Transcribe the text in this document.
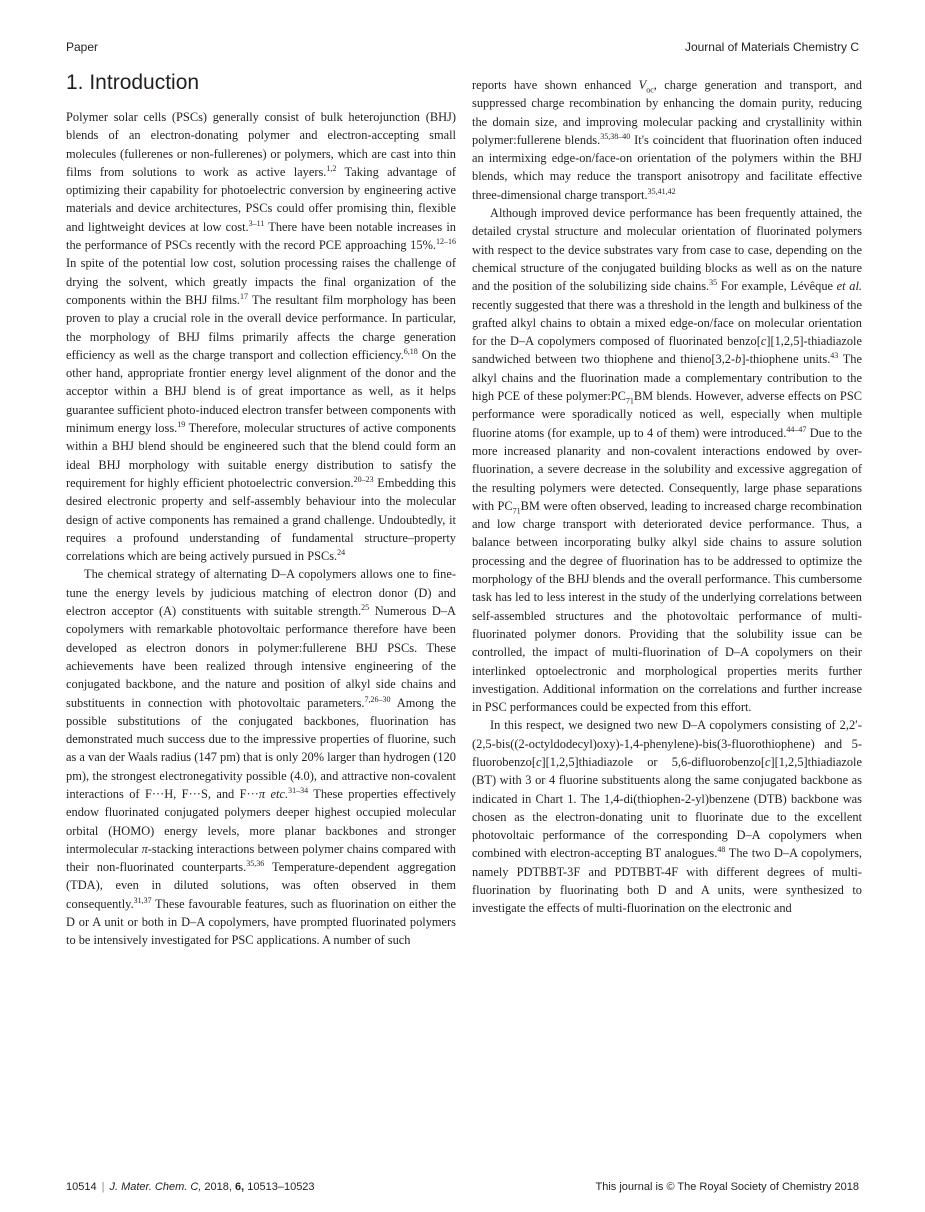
Paper	Journal of Materials Chemistry C
1. Introduction

Polymer solar cells (PSCs) generally consist of bulk heterojunction (BHJ) blends of an electron-donating polymer and electron-accepting small molecules (fullerenes or non-fullerenes) or polymers, which are cast into thin films from solutions to work as active layers.$^{1,2}$ Taking advantage of optimizing their capability for photoelectric conversion by engineering active materials and device architectures, PSCs could offer promising thin, flexible and lightweight devices at low cost.$^{3-11}$ There have been notable increases in the performance of PSCs recently with the record PCE approaching 15%.$^{12-16}$ In spite of the potential low cost, solution processing raises the challenge of drying the solvent, which greatly impacts the final organization of the components within the BHJ films.$^{17}$ The resultant film morphology has been proven to play a crucial role in the overall device performance. In particular, the morphology of BHJ films primarily affects the charge generation efficiency as well as the charge transport and collection efficiency.$^{6,18}$ On the other hand, appropriate frontier energy level alignment of the donor and the acceptor within a BHJ blend is of great importance as well, as it helps guarantee sufficient photo-induced electron transfer between components with minimum energy loss.$^{19}$ Therefore, molecular structures of active components within a BHJ blend should be engineered such that the blend could form an ideal BHJ morphology with suitable energy distribution to satisfy the requirement for highly efficient photoelectric conversion.$^{20-23}$ Embedding this desired electronic property and self-assembly behaviour into the molecular design of active components has remained a grand challenge. Undoubtedly, it requires a profound understanding of fundamental structure–property correlations which are being actively pursued in PSCs.$^{24}$

The chemical strategy of alternating D–A copolymers allows one to fine-tune the energy levels by judicious matching of electron donor (D) and electron acceptor (A) constituents with suitable strength.$^{25}$ Numerous D–A copolymers with remarkable photovoltaic performance therefore have been developed as electron donors in polymer:fullerene BHJ PSCs. These achievements have been realized through intensive engineering of the conjugated backbone, and the nature and position of alkyl side chains and substituents in connection with photovoltaic parameters.$^{7,26-30}$ Among the possible substitutions of the conjugated backbones, fluorination has demonstrated much success due to the impressive properties of fluorine, such as a van der Waals radius (147 pm) that is only 20% larger than hydrogen (120 pm), the strongest electronegativity possible (4.0), and attractive non-covalent interactions of F···H, F···S, and F···π etc.$^{31-34}$ These properties effectively endow fluorinated conjugated polymers deeper highest occupied molecular orbital (HOMO) energy levels, more planar backbones and stronger intermolecular π-stacking interactions between polymer chains compared with their non-fluorinated counterparts.$^{35,36}$ Temperature-dependent aggregation (TDA), even in diluted solutions, was often observed in them consequently.$^{31,37}$ These favourable features, such as fluorination on either the D or A unit or both in D–A copolymers, have prompted fluorinated polymers to be intensively investigated for PSC applications. A number of such

reports have shown enhanced $V_{oc}$, charge generation and transport, and suppressed charge recombination by enhancing the domain purity, reducing the domain size, and improving molecular packing and crystallinity within polymer:fullerene blends.$^{35,38-40}$ It's coincident that fluorination often induced an intermixing edge-on/face-on orientation of the polymers within the BHJ blends, which may reduce the transport anisotropy and facilitate effective three-dimensional charge transport.$^{35,41,42}$

Although improved device performance has been frequently attained, the detailed crystal structure and molecular orientation of fluorinated polymers with respect to the device substrates vary from case to case, depending on the chemical structure of the conjugated building blocks as well as on the nature and the position of the solubilizing side chains.$^{35}$ For example, Lévêque et al. recently suggested that there was a threshold in the length and bulkiness of the grafted alkyl chains to obtain a mixed edge-on/face on molecular orientation for the D–A copolymers composed of fluorinated benzo[c][1,2,5]-thiadiazole sandwiched between two thiophene and thieno[3,2-b]-thiophene units.$^{43}$ The alkyl chains and the fluorination made a complementary contribution to the high PCE of these $polymer:PC_{71}BM$ blends. However, adverse effects on PSC performance were sporadically noticed as well, especially when multiple fluorine atoms (for example, up to 4 of them) were introduced.$^{44-47}$ Due to the more increased planarity and non-covalent interactions endowed by over-fluorination, a severe decrease in the solubility and excessive aggregation of the resulting polymers were detected. Consequently, large phase separations with $PC_{71}BM$ were often observed, leading to increased charge recombination and low charge transport with deteriorated device performance. Thus, a balance between incorporating bulky alkyl side chains to assure solution processing and the degree of fluorination has to be addressed to optimize the morphology of the BHJ blends and the overall performance. This cumbersome task has led to less interest in the study of the underlying correlations between self-assembled structures and the photovoltaic performance of multi-fluorinated polymer donors. Providing that the solubility issue can be controlled, the impact of multi-fluorination of D–A copolymers on their interlinked optoelectronic and morphological properties merits further investigation. Additional information on the correlations and further increase in PSC performances could be expected from this effort.

In this respect, we designed two new D–A copolymers consisting of 2,2′-(2,5-bis((2-octyldodecyl)oxy)-1,4-phenylene)-bis(3-fluorothiophene) and 5-fluorobenzo[c][1,2,5]thiadiazole or 5,6-difluorobenzo[c][1,2,5]thiadiazole (BT) with 3 or 4 fluorine substituents along the same conjugated backbone as indicated in Chart 1. The 1,4-di(thiophen-2-yl)benzene (DTB) backbone was chosen as the electron-donating unit to fluorinate due to the excellent photovoltaic performance of the corresponding D–A copolymers when combined with electron-accepting BT analogues.$^{48}$ The two D–A copolymers, namely PDTBBT-3F and PDTBBT-4F with different degrees of multi-fluorination by fluorinating both D and A units, were synthesized to investigate the effects of multi-fluorination on the electronic and

10514 | J. Mater. Chem. C, 2018, 6, 10513–10523	This journal is © The Royal Society of Chemistry 2018
